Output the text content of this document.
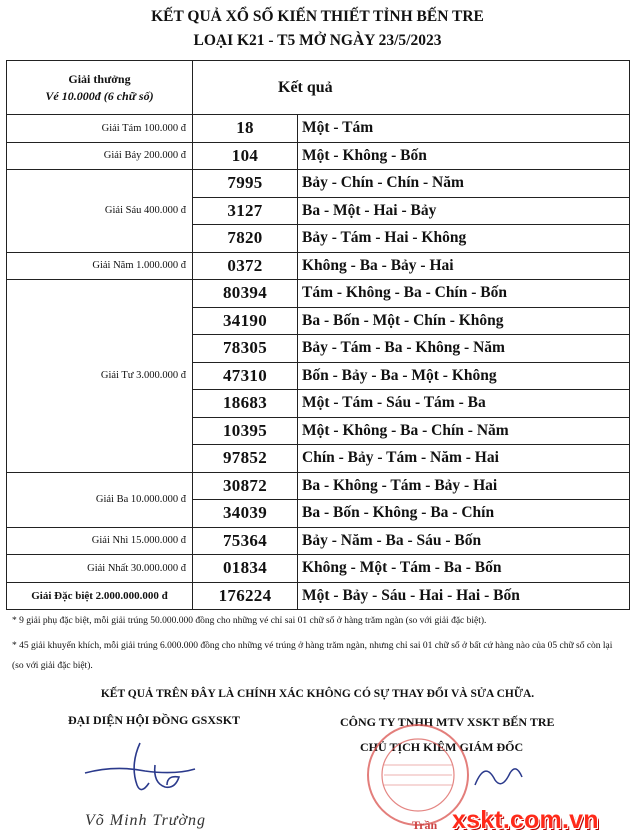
KẾT QUẢ XỔ SỐ KIẾN THIẾT TỈNH BẾN TRE
LOẠI K21 - T5 MỞ NGÀY 23/5/2023
Giải thưởng
Vé 10.000đ (6 chữ số)	Kết quả	
Giải Tám 100.000 đ	18	Một - Tám
Giải Bảy 200.000 đ	104	Một - Không - Bốn
Giải Sáu 400.000 đ	7995	Bảy - Chín - Chín - Năm
	3127	Ba - Một - Hai - Bảy
	7820	Bảy - Tám - Hai - Không
Giải Năm 1.000.000 đ	0372	Không - Ba - Bảy - Hai
Giải Tư 3.000.000 đ	80394	Tám - Không - Ba - Chín - Bốn
	34190	Ba - Bốn - Một - Chín - Không
	78305	Bảy - Tám - Ba - Không - Năm
	47310	Bốn - Bảy - Ba - Một - Không
	18683	Một - Tám - Sáu - Tám - Ba
	10395	Một - Không - Ba - Chín - Năm
	97852	Chín - Bảy - Tám - Năm - Hai
Giải Ba 10.000.000 đ	30872	Ba - Không - Tám - Bảy - Hai
	34039	Ba - Bốn - Không - Ba - Chín
Giải Nhì 15.000.000 đ	75364	Bảy - Năm - Ba - Sáu - Bốn
Giải Nhất 30.000.000 đ	01834	Không - Một - Tám - Ba - Bốn
Giải Đặc biệt 2.000.000.000 đ	176224	Một - Bảy - Sáu - Hai - Hai - Bốn
* 9 giải phụ đặc biệt, mỗi giải trúng 50.000.000 đồng cho những vé chỉ sai 01 chữ số ở hàng trăm ngàn (so với giải đặc biệt).
* 45 giải khuyến khích, mỗi giải trúng 6.000.000 đồng cho những vé trúng ở hàng trăm ngàn, nhưng chỉ sai 01 chữ số ở bất cứ hàng nào của 05 chữ số còn lại (so với giải đặc biệt).
KẾT QUẢ TRÊN ĐÂY LÀ CHÍNH XÁC KHÔNG CÓ SỰ THAY ĐỔI VÀ SỬA CHỮA.
ĐẠI DIỆN HỘI ĐỒNG GSXSKT	CÔNG TY TNHH MTV XSKT BẾN TRE
CHỦ TỊCH KIÊM GIÁM ĐỐC
Võ Minh Trường	Trần xskt.com.vn
